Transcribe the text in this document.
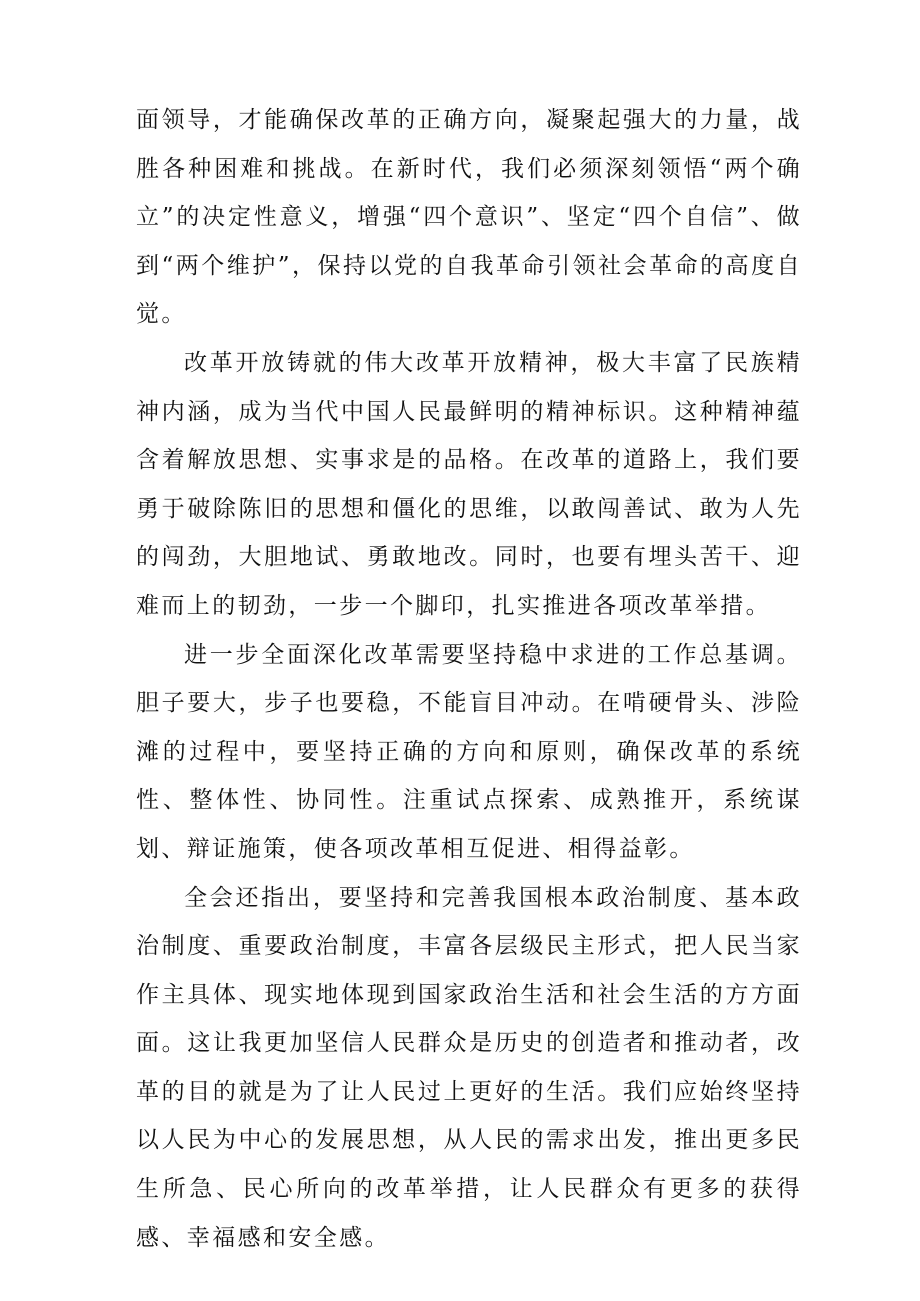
面领导，才能确保改革的正确方向，凝聚起强大的力量，战胜各种困难和挑战。在新时代，我们必须深刻领悟“两个确立”的决定性意义，增强“四个意识”、坚定“四个自信”、做到“两个维护”，保持以党的自我革命引领社会革命的高度自觉。

改革开放铸就的伟大改革开放精神，极大丰富了民族精神内涵，成为当代中国人民最鲜明的精神标识。这种精神蕴含着解放思想、实事求是的品格。在改革的道路上，我们要勇于破除陈旧的思想和僵化的思维，以敢闯善试、敢为人先的闯劲，大胆地试、勇敢地改。同时，也要有埋头苦干、迎难而上的韧劲，一步一个脚印，扎实推进各项改革举措。

进一步全面深化改革需要坚持稳中求进的工作总基调。胆子要大，步子也要稳，不能盲目冲动。在啃硬骨头、涉险滩的过程中，要坚持正确的方向和原则，确保改革的系统性、整体性、协同性。注重试点探索、成熟推开，系统谋划、辩证施策，使各项改革相互促进、相得益彰。

全会还指出，要坚持和完善我国根本政治制度、基本政治制度、重要政治制度，丰富各层级民主形式，把人民当家作主具体、现实地体现到国家政治生活和社会生活的方方面面。这让我更加坚信人民群众是历史的创造者和推动者，改革的目的就是为了让人民过上更好的生活。我们应始终坚持以人民为中心的发展思想，从人民的需求出发，推出更多民生所急、民心所向的改革举措，让人民群众有更多的获得感、幸福感和安全感。
